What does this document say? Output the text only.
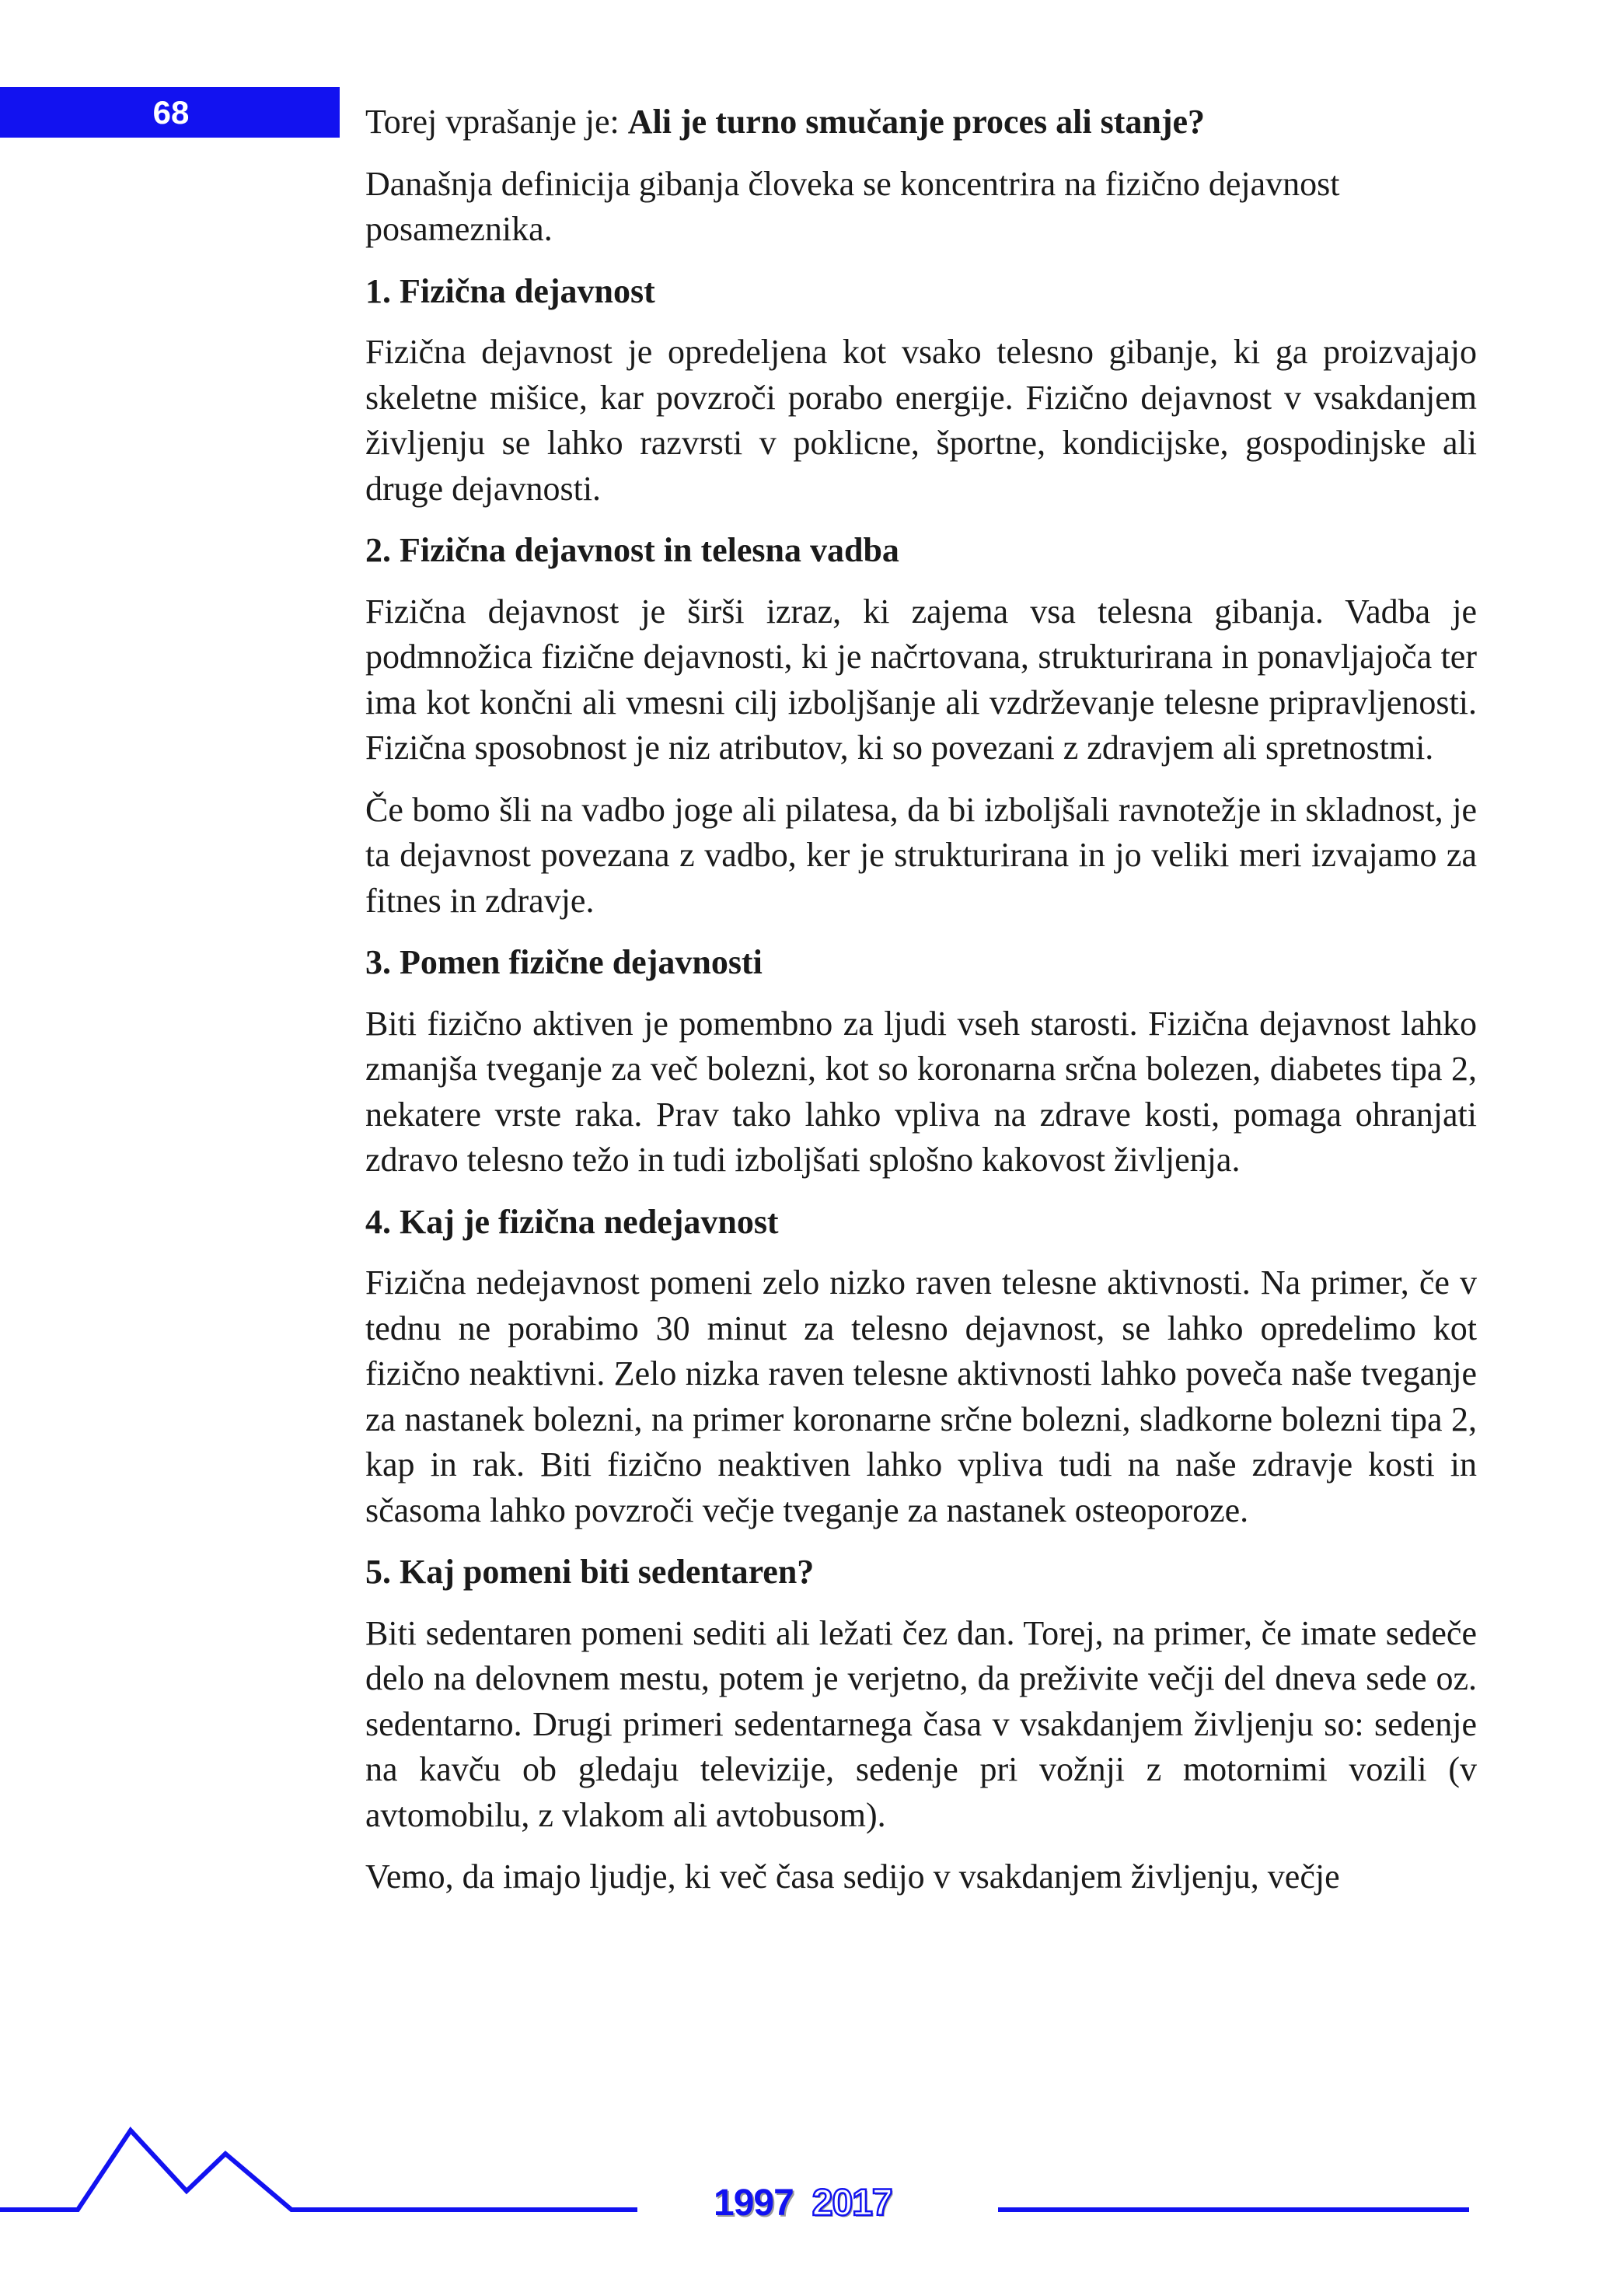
68	Torej vprašanje je: Ali je turno smučanje proces ali stanje?

Današnja definicija gibanja človeka se koncentrira na fizično dejavnost posameznika.

1. Fizična dejavnost

Fizična dejavnost je opredeljena kot vsako telesno gibanje, ki ga proizvajajo skeletne mišice, kar povzroči porabo energije. Fizično dejavnost v vsakdanjem življenju se lahko razvrsti v poklicne, športne, kondicijske, gospodinjske ali druge dejavnosti.

2. Fizična dejavnost in telesna vadba

Fizična dejavnost je širši izraz, ki zajema vsa telesna gibanja. Vadba je podmnožica fizične dejavnosti, ki je načrtovana, strukturirana in ponavljajoča ter ima kot končni ali vmesni cilj izboljšanje ali vzdrževanje telesne pripravljenosti. Fizična sposobnost je niz atributov, ki so povezani z zdravjem ali spretnostmi.

Če bomo šli na vadbo joge ali pilatesa, da bi izboljšali ravnotežje in skladnost, je ta dejavnost povezana z vadbo, ker je strukturirana in jo veliki meri izvajamo za fitnes in zdravje.

3. Pomen fizične dejavnosti

Biti fizično aktiven je pomembno za ljudi vseh starosti. Fizična dejavnost lahko zmanjša tveganje za več bolezni, kot so koronarna srčna bolezen, diabetes tipa 2, nekatere vrste raka. Prav tako lahko vpliva na zdrave kosti, pomaga ohranjati zdravo telesno težo in tudi izboljšati splošno kakovost življenja.

4. Kaj je fizična nedejavnost

Fizična nedejavnost pomeni zelo nizko raven telesne aktivnosti. Na primer, če v tednu ne porabimo 30 minut za telesno dejavnost, se lahko opredelimo kot fizično neaktivni. Zelo nizka raven telesne aktivnosti lahko poveča naše tveganje za nastanek bolezni, na primer koronarne srčne bolezni, sladkorne bolezni tipa 2, kap in rak. Biti fizično neaktiven lahko vpliva tudi na naše zdravje kosti in sčasoma lahko povzroči večje tveganje za nastanek osteoporoze.

5. Kaj pomeni biti sedentaren?

Biti sedentaren pomeni sediti ali ležati čez dan. Torej, na primer, če imate sedeče delo na delovnem mestu, potem je verjetno, da preživite večji del dneva sede oz. sedentarno. Drugi primeri sedentarnega časa v vsakdanjem življenju so: sedenje na kavču ob gledaju televizije, sedenje pri vožnji z motornimi vozili (v avtomobilu, z vlakom ali avtobusom).

Vemo, da imajo ljudje, ki več časa sedijo v vsakdanjem življenju, večje

1997 2017
